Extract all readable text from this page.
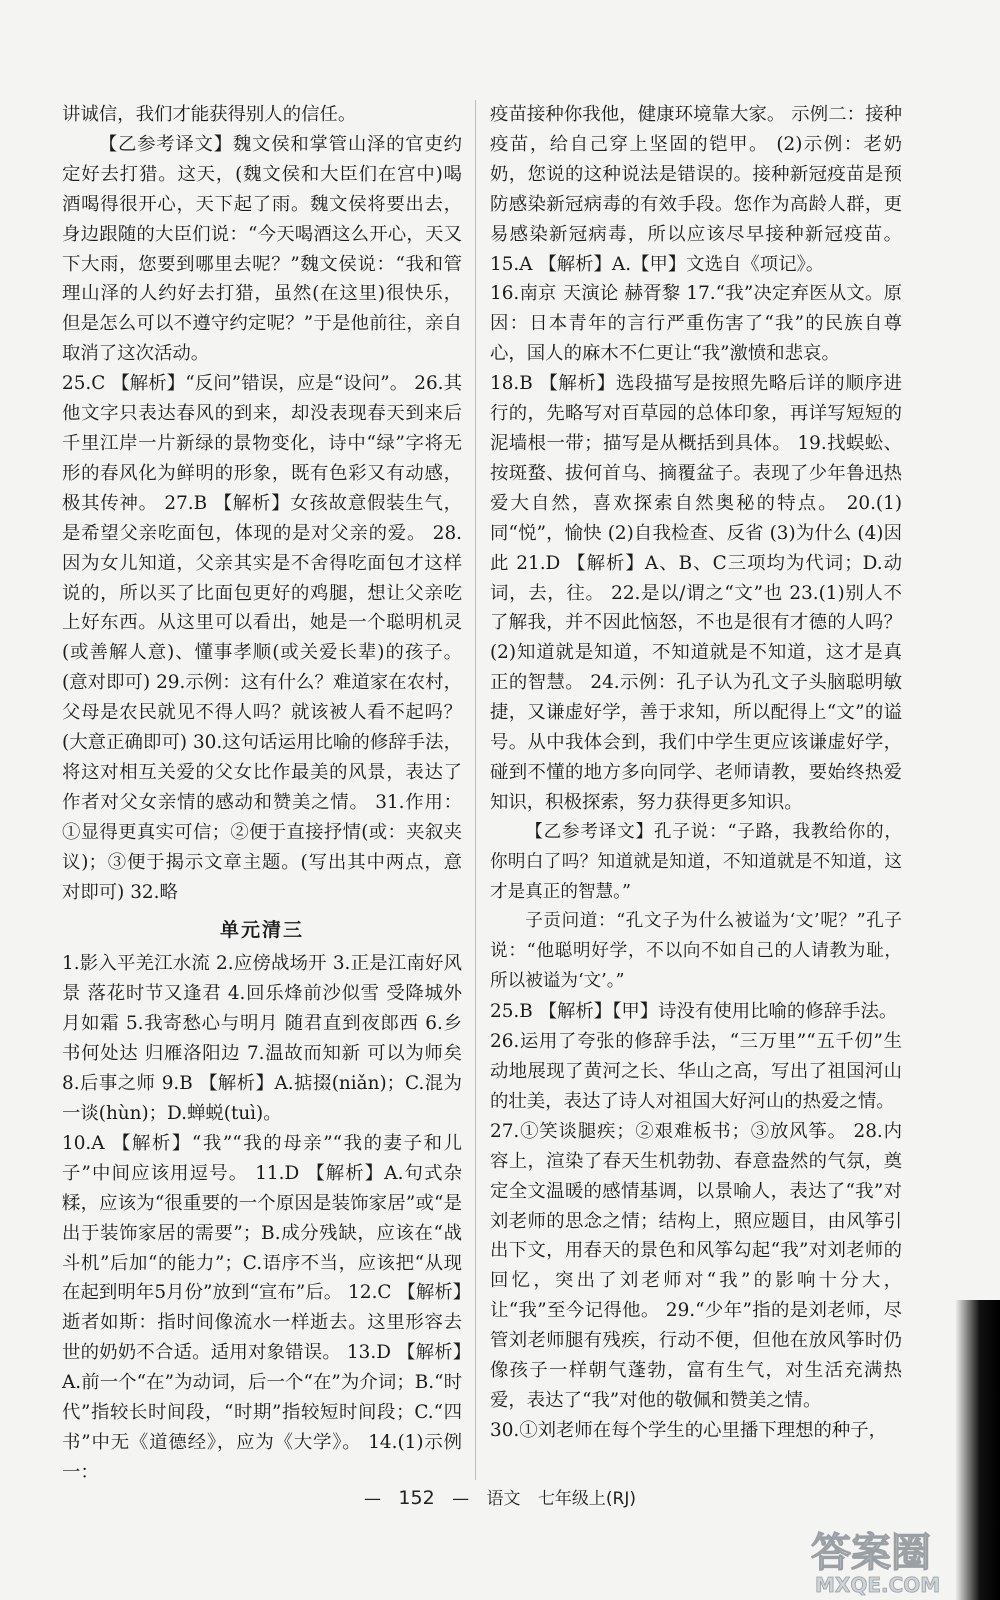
讲诚信，我们才能获得别人的信任。

【乙参考译文】魏文侯和掌管山泽的官吏约定好去打猎。这天，(魏文侯和大臣们在宫中)喝酒喝得很开心，天下起了雨。魏文侯将要出去，身边跟随的大臣们说：“今天喝酒这么开心，天又下大雨，您要到哪里去呢？”魏文侯说：“我和管理山泽的人约好去打猎，虽然(在这里)很快乐，但是怎么可以不遵守约定呢？”于是他前往，亲自取消了这次活动。

25.C 【解析】“反问”错误，应是“设问”。 26.其他文字只表达春风的到来，却没表现春天到来后千里江岸一片新绿的景物变化，诗中“绿”字将无形的春风化为鲜明的形象，既有色彩又有动感，极其传神。 27.B 【解析】女孩故意假装生气，是希望父亲吃面包，体现的是对父亲的爱。 28.因为女儿知道，父亲其实是不舍得吃面包才这样说的，所以买了比面包更好的鸡腿，想让父亲吃上好东西。从这里可以看出，她是一个聪明机灵(或善解人意)、懂事孝顺(或关爱长辈)的孩子。(意对即可) 29.示例：这有什么？难道家在农村，父母是农民就见不得人吗？就该被人看不起吗？(大意正确即可) 30.这句话运用比喻的修辞手法，将这对相互关爱的父女比作最美的风景，表达了作者对父女亲情的感动和赞美之情。 31.作用：①显得更真实可信；②便于直接抒情(或：夹叙夹议)；③便于揭示文章主题。(写出其中两点，意对即可) 32.略

单元清三

1.影入平羌江水流 2.应傍战场开 3.正是江南好风景 落花时节又逢君 4.回乐烽前沙似雪 受降城外月如霜 5.我寄愁心与明月 随君直到夜郎西 6.乡书何处达 归雁洛阳边 7.温故而知新 可以为师矣 8.后事之师 9.B 【解析】A.掂掇(niǎn)；C.混为一谈(hùn)；D.蝉蜕(tuì)。

10.A 【解析】“我”“我的母亲”“我的妻子和儿子”中间应该用逗号。 11.D 【解析】A.句式杂糅，应该为“很重要的一个原因是装饰家居”或“是出于装饰家居的需要”；B.成分残缺，应该在“战斗机”后加“的能力”；C.语序不当，应该把“从现在起到明年5月份”放到“宣布”后。 12.C 【解析】逝者如斯：指时间像流水一样逝去。这里形容去世的奶奶不合适。适用对象错误。 13.D 【解析】A.前一个“在”为动词，后一个“在”为介词；B.“时代”指较长时间段，“时期”指较短时间段；C.“四书”中无《道德经》，应为《大学》。 14.(1)示例一：

疫苗接种你我他，健康环境靠大家。 示例二：接种疫苗，给自己穿上坚固的铠甲。 (2)示例：老奶奶，您说的这种说法是错误的。接种新冠疫苗是预防感染新冠病毒的有效手段。您作为高龄人群，更易感染新冠病毒，所以应该尽早接种新冠疫苗。 15.A 【解析】A.【甲】文选自《项记》。

16.南京 天演论 赫胥黎 17.“我”决定弃医从文。原因：日本青年的言行严重伤害了“我”的民族自尊心，国人的麻木不仁更让“我”激愤和悲哀。

18.B 【解析】选段描写是按照先略后详的顺序进行的，先略写对百草园的总体印象，再详写短短的泥墙根一带；描写是从概括到具体。 19.找蜈蚣、按斑蝥、拔何首乌、摘覆盆子。表现了少年鲁迅热爱大自然，喜欢探索自然奥秘的特点。 20.(1)同“悦”，愉快 (2)自我检查、反省 (3)为什么 (4)因此 21.D 【解析】A、B、C三项均为代词；D.动词，去，往。 22.是以/谓之“文”也 23.(1)别人不了解我，并不因此恼怒，不也是很有才德的人吗？ (2)知道就是知道，不知道就是不知道，这才是真正的智慧。 24.示例：孔子认为孔文子头脑聪明敏捷，又谦虚好学，善于求知，所以配得上“文”的谥号。从中我体会到，我们中学生更应该谦虚好学，碰到不懂的地方多向同学、老师请教，要始终热爱知识，积极探索，努力获得更多知识。

【乙参考译文】孔子说：“子路，我教给你的，你明白了吗？知道就是知道，不知道就是不知道，这才是真正的智慧。”

子贡问道：“孔文子为什么被谥为‘文’呢？”孔子说：“他聪明好学，不以向不如自己的人请教为耻，所以被谥为‘文’。”

25.B 【解析】【甲】诗没有使用比喻的修辞手法。

26.运用了夸张的修辞手法，“三万里”“五千仞”生动地展现了黄河之长、华山之高，写出了祖国河山的壮美，表达了诗人对祖国大好河山的热爱之情。

27.①笑谈腿疾；②艰难板书；③放风筝。 28.内容上，渲染了春天生机勃勃、春意盎然的气氛，奠定全文温暖的感情基调，以景喻人，表达了“我”对刘老师的思念之情；结构上，照应题目，由风筝引出下文，用春天的景色和风筝勾起“我”对刘老师的回忆，突出了刘老师对“我”的影响十分大，让“我”至今记得他。 29.“少年”指的是刘老师，尽管刘老师腿有残疾，行动不便，但他在放风筝时仍像孩子一样朝气蓬勃，富有生气，对生活充满热爱，表达了“我”对他的敬佩和赞美之情。

30.①刘老师在每个学生的心里播下理想的种子，

— 152 — 语文 七年级上(RJ)
答案圈
MXQE.COM
